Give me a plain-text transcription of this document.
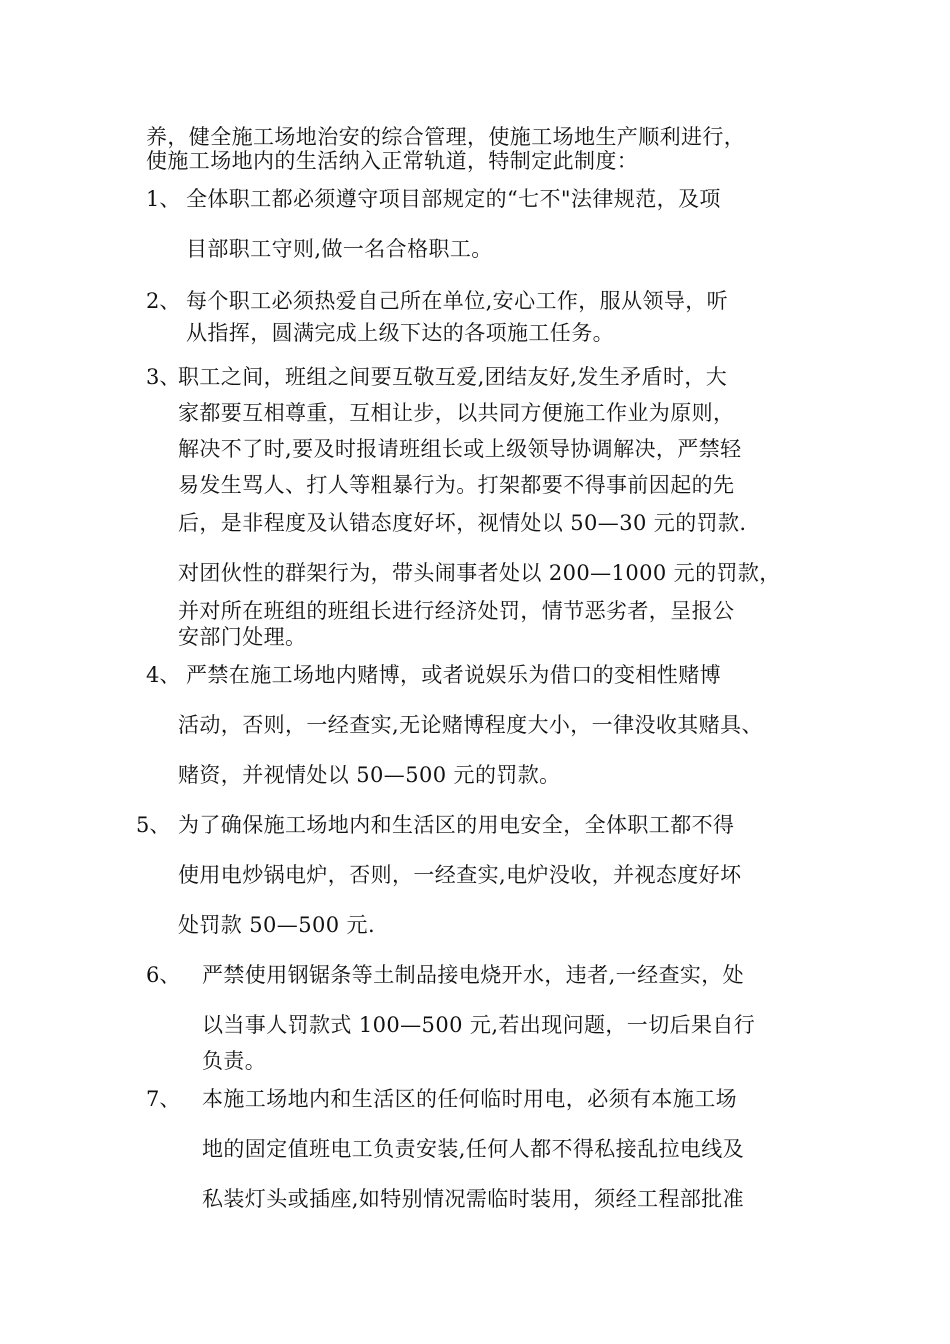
养，健全施工场地治安的综合管理，使施工场地生产顺利进行，
使施工场地内的生活纳入正常轨道，特制定此制度：
1、 全体职工都必须遵守项目部规定的“七不"法律规范，及项
目部职工守则,做一名合格职工。
2、 每个职工必须热爱自己所在单位,安心工作，服从领导，听
从指挥，圆满完成上级下达的各项施工任务。
3、
职工之间，班组之间要互敬互爱,团结友好,发生矛盾时，大
家都要互相尊重，互相让步，以共同方便施工作业为原则，
解决不了时,要及时报请班组长或上级领导协调解决，严禁轻
易发生骂人、打人等粗暴行为。打架都要不得事前因起的先
后，是非程度及认错态度好坏，视情处以 50—30 元的罚款.
对团伙性的群架行为，带头闹事者处以 200—1000 元的罚款，
并对所在班组的班组长进行经济处罚，情节恶劣者，呈报公
安部门处理。
4、 严禁在施工场地内赌博，或者说娱乐为借口的变相性赌博
活动，否则，一经查实,无论赌博程度大小，一律没收其赌具、
赌资，并视情处以 50—500 元的罚款。
5、 为了确保施工场地内和生活区的用电安全，全体职工都不得
使用电炒锅电炉，否则，一经查实,电炉没收，并视态度好坏
处罚款 50—500 元.
6、 严禁使用钢锯条等土制品接电烧开水，违者,一经查实，处
以当事人罚款式 100—500 元,若出现问题，一切后果自行
负责。
7、 本施工场地内和生活区的任何临时用电，必须有本施工场
地的固定值班电工负责安装,任何人都不得私接乱拉电线及
私装灯头或插座,如特别情况需临时装用，须经工程部批准
